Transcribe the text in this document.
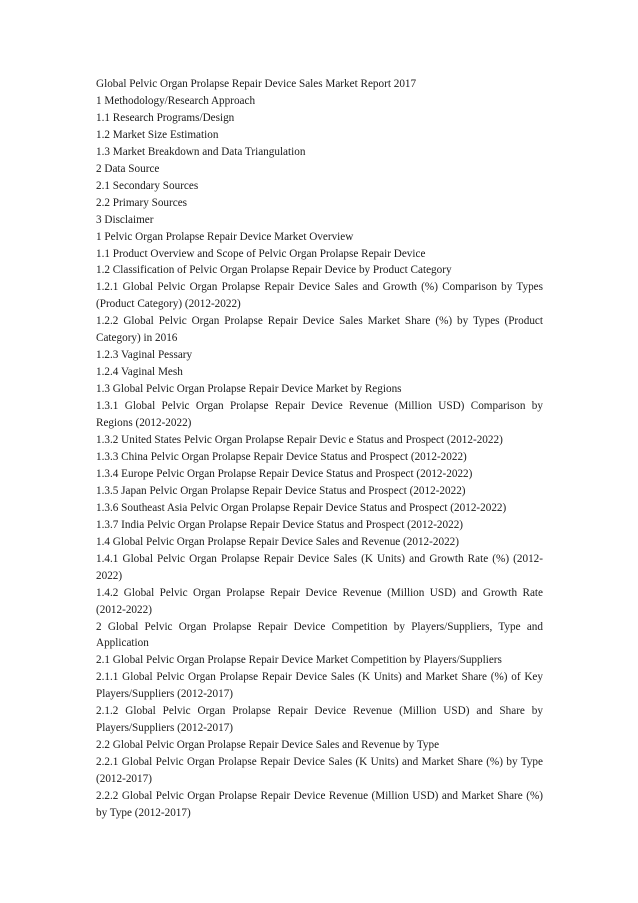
Global Pelvic Organ Prolapse Repair Device Sales Market Report 2017

1 Methodology/Research Approach

1.1 Research Programs/Design

1.2 Market Size Estimation

1.3 Market Breakdown and Data Triangulation

2 Data Source

2.1 Secondary Sources

2.2 Primary Sources

3 Disclaimer

1 Pelvic Organ Prolapse Repair Device Market Overview

1.1 Product Overview and Scope of Pelvic Organ Prolapse Repair Device

1.2 Classification of Pelvic Organ Prolapse Repair Device by Product Category

1.2.1 Global Pelvic Organ Prolapse Repair Device Sales and Growth (%) Comparison by Types (Product Category) (2012-2022)

1.2.2 Global Pelvic Organ Prolapse Repair Device Sales Market Share (%) by Types (Product Category) in 2016

1.2.3 Vaginal Pessary

1.2.4 Vaginal Mesh

1.3 Global Pelvic Organ Prolapse Repair Device Market by Regions

1.3.1 Global Pelvic Organ Prolapse Repair Device Revenue (Million USD) Comparison by Regions (2012-2022)

1.3.2 United States Pelvic Organ Prolapse Repair Devic e Status and Prospect (2012-2022)

1.3.3 China Pelvic Organ Prolapse Repair Device Status and Prospect (2012-2022)

1.3.4 Europe Pelvic Organ Prolapse Repair Device Status and Prospect (2012-2022)

1.3.5 Japan Pelvic Organ Prolapse Repair Device Status and Prospect (2012-2022)

1.3.6 Southeast Asia Pelvic Organ Prolapse Repair Device Status and Prospect (2012-2022)

1.3.7 India Pelvic Organ Prolapse Repair Device Status and Prospect (2012-2022)

1.4 Global Pelvic Organ Prolapse Repair Device Sales and Revenue (2012-2022)

1.4.1 Global Pelvic Organ Prolapse Repair Device Sales (K Units) and Growth Rate (%) (2012-2022)

1.4.2 Global Pelvic Organ Prolapse Repair Device Revenue (Million USD) and Growth Rate (2012-2022)

2 Global Pelvic Organ Prolapse Repair Device Competition by Players/Suppliers, Type and Application

2.1 Global Pelvic Organ Prolapse Repair Device Market Competition by Players/Suppliers

2.1.1 Global Pelvic Organ Prolapse Repair Device Sales (K Units) and Market Share (%) of Key Players/Suppliers (2012-2017)

2.1.2 Global Pelvic Organ Prolapse Repair Device Revenue (Million USD) and Share by Players/Suppliers (2012-2017)

2.2 Global Pelvic Organ Prolapse Repair Device Sales and Revenue by Type

2.2.1 Global Pelvic Organ Prolapse Repair Device Sales (K Units) and Market Share (%) by Type (2012-2017)

2.2.2 Global Pelvic Organ Prolapse Repair Device Revenue (Million USD) and Market Share (%) by Type (2012-2017)
